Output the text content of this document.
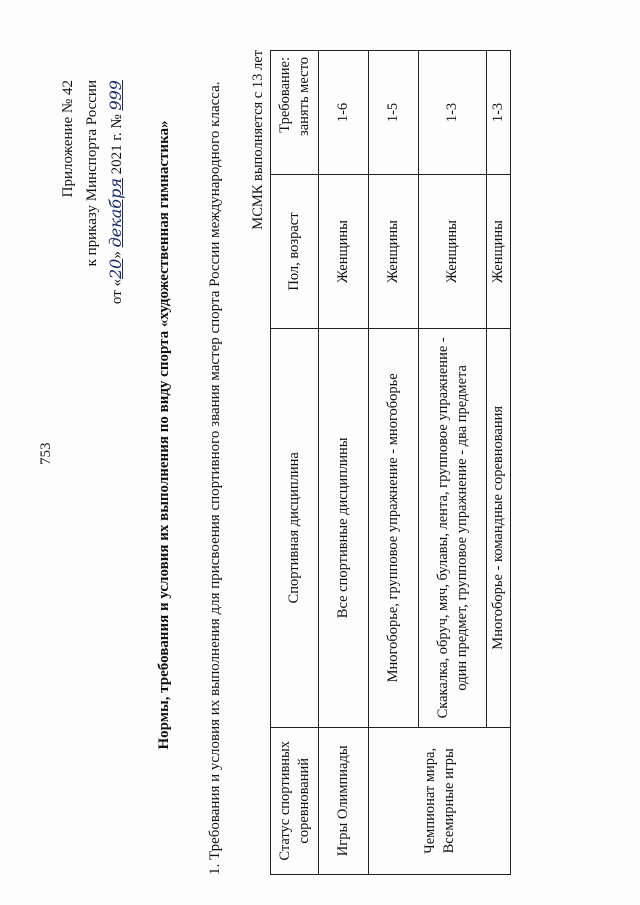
753
Приложение № 42 к приказу Минспорта России
от «20» декабря 2021 г. № 999
Нормы, требования и условия их выполнения по виду спорта «художественная гимнастика» 1. Требования и условия их выполнения для присвоения спортивного звания мастер спорта России международного класса. МСМК выполняется с 13 лет
Статус спортивных соревнований	Спортивная дисциплина	Пол, возраст	Требование: занять место
Игры Олимпиады	Все спортивные дисциплины	Женщины	1-6
Чемпионат мира, Всемирные игры	Многоборье, групповое упражнение - многоборье	Женщины	1-5
	Скакалка, обруч, мяч, булавы, лента, групповое упражнение - один предмет, групповое упражнение - два предмета	Женщины	1-3
	Многоборье - командные соревнования	Женщины	1-3
